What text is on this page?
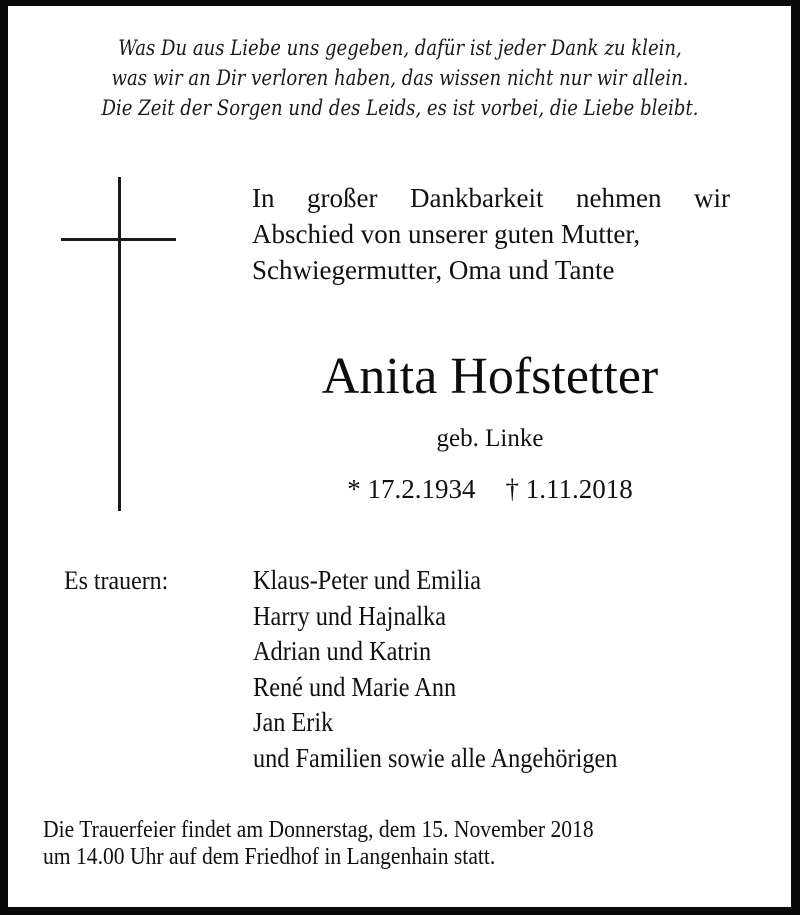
Was Du aus Liebe uns gegeben, dafür ist jeder Dank zu klein,
was wir an Dir verloren haben, das wissen nicht nur wir allein.
Die Zeit der Sorgen und des Leids, es ist vorbei, die Liebe bleibt.
In großer Dankbarkeit nehmen wir
Abschied von unserer guten Mutter,
Schwiegermutter, Oma und Tante
Anita Hofstetter
geb. Linke
* 17.2.1934 † 1.11.2018
Es trauern:	Klaus-Peter und Emilia
Harry und Hajnalka
Adrian und Katrin
René und Marie Ann
Jan Erik
und Familien sowie alle Angehörigen
Die Trauerfeier findet am Donnerstag, dem 15. November 2018
um 14.00 Uhr auf dem Friedhof in Langenhain statt.
